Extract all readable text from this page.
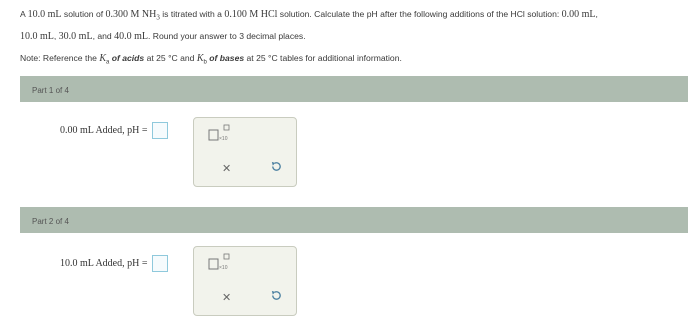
A 10.0 mL solution of 0.300 M $NH_3$ is titrated with a 0.100 M HCl solution. Calculate the pH after the following additions of the HCl solution: 0.00 mL,
10.0 mL, 30.0 mL, and 40.0 mL. Round your answer to 3 decimal places.
Note: Reference the $K_a$ of acids at 25 °C and $K_b$ of bases at 25 °C tables for additional information.
Part 1 of 4
0.00 mL Added, pH =
×10
✕
Part 2 of 4
10.0 mL Added, pH =	×10
✕
